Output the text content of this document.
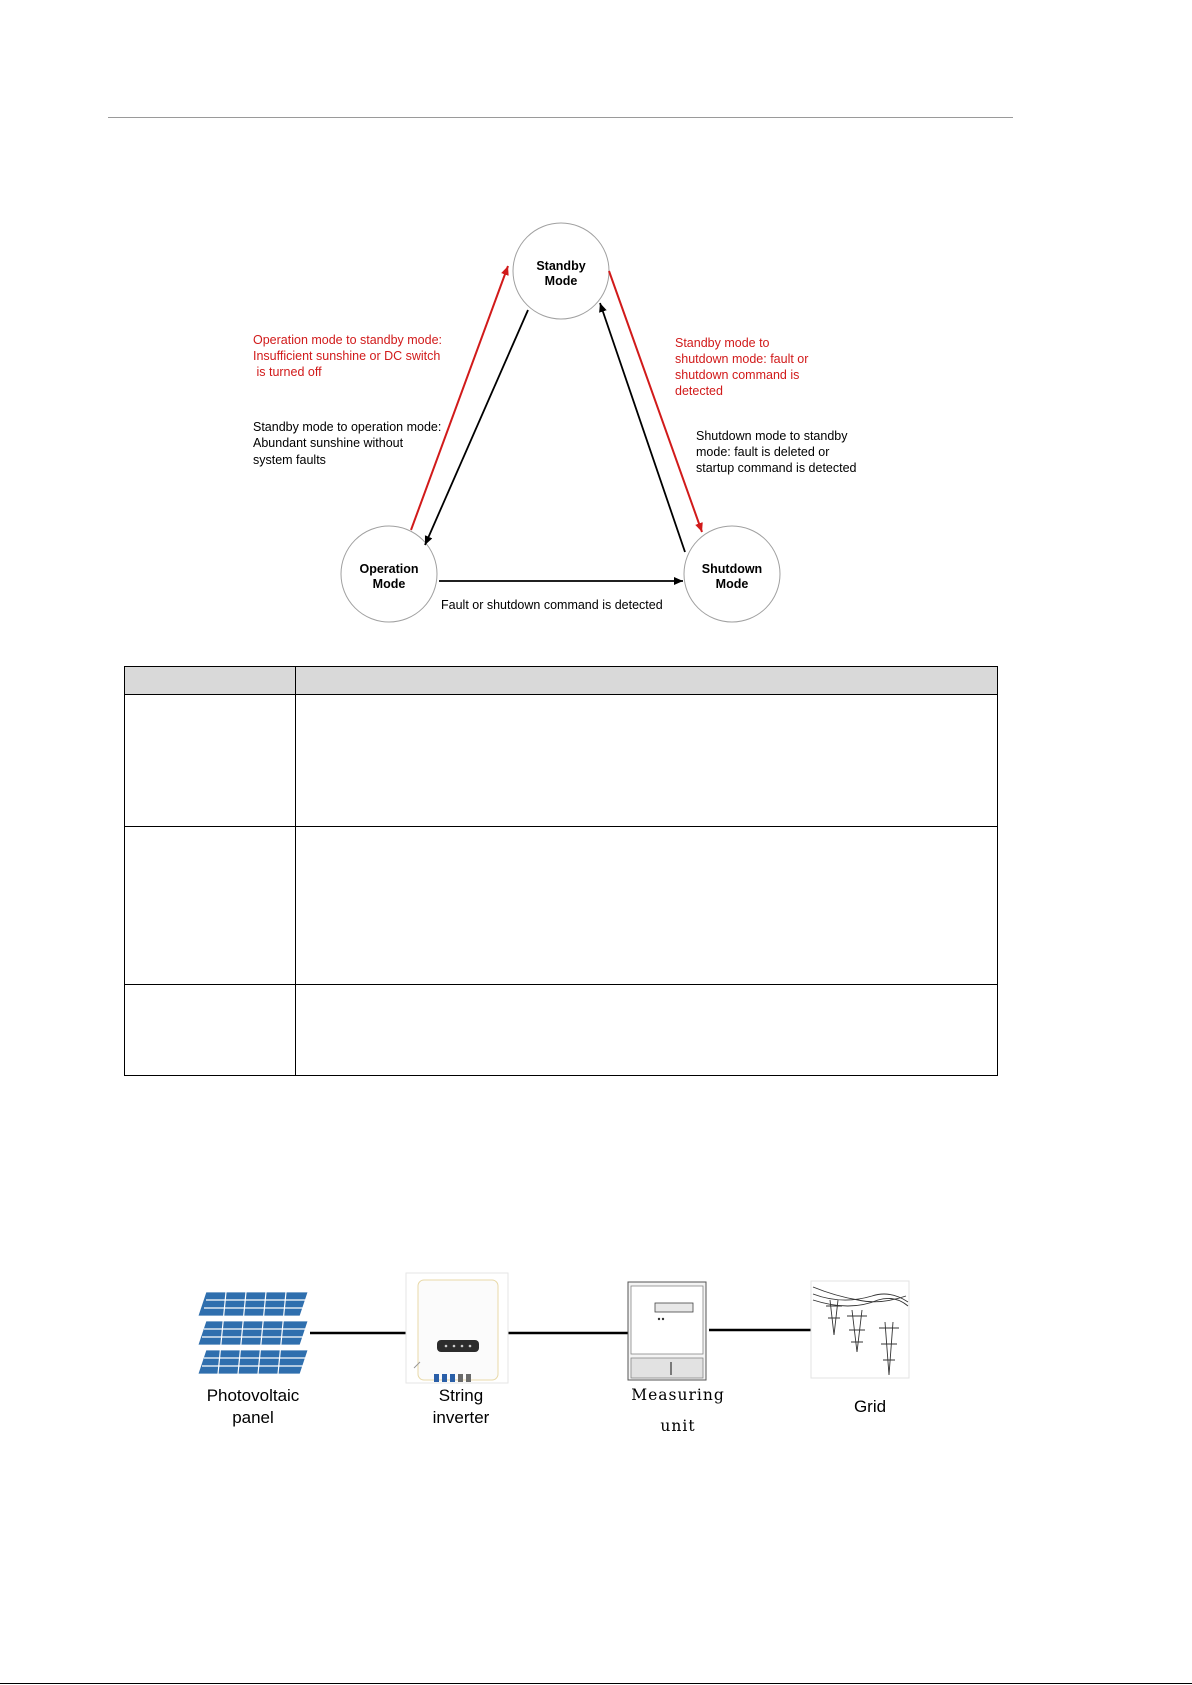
Standby
Mode
Operation
Mode
Shutdown
Mode
Operation mode to standby mode:
Insufficient sunshine or DC switch
is turned off
Standby mode to operation mode:
Abundant sunshine without
system faults
Standby mode to
shutdown mode: fault or
shutdown command is
detected
Shutdown mode to standby
mode: fault is deleted or
startup command is detected
Fault or shutdown command is detected

Photovoltaic
panel
String
inverter
Measuring
unit
Grid
